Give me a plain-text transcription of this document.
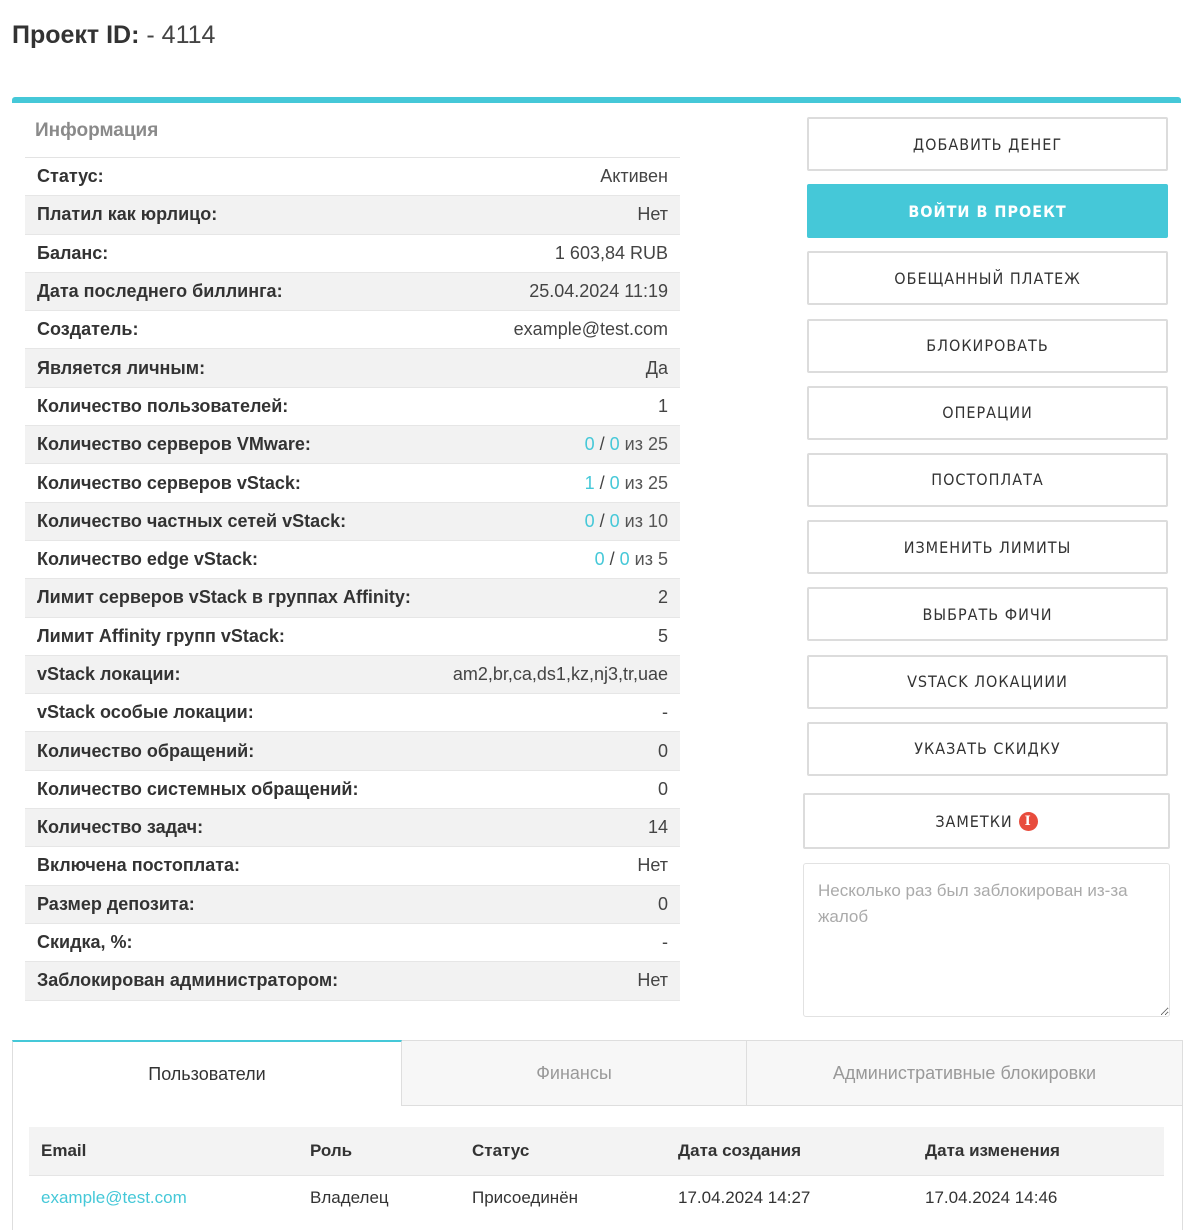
Проект ID: - 4114
Информация
Статус:	Активен
Платил как юрлицо:	Нет
Баланс:	1 603,84 RUB
Дата последнего биллинга:	25.04.2024 11:19
Создатель:	example@test.com
Является личным:	Да
Количество пользователей:	1
Количество серверов VMware:	0 / 0 из 25
Количество серверов vStack:	1 / 0 из 25
Количество частных сетей vStack:	0 / 0 из 10
Количество edge vStack:	0 / 0 из 5
Лимит серверов vStack в группах Affinity:	2
Лимит Affinity групп vStack:	5
vStack локации:	am2,br,ca,ds1,kz,nj3,tr,uae
vStack особые локации:	-
Количество обращений:	0
Количество системных обращений:	0
Количество задач:	14
Включена постоплата:	Нет
Размер депозита:	0
Скидка, %:	-
Заблокирован администратором:	Нет
ДОБАВИТЬ ДЕНЕГ
ВОЙТИ В ПРОЕКТ
ОБЕЩАННЫЙ ПЛАТЕЖ
БЛОКИРОВАТЬ
ОПЕРАЦИИ
ПОСТОПЛАТА
ИЗМЕНИТЬ ЛИМИТЫ
ВЫБРАТЬ ФИЧИ
VSTACK ЛОКАЦИИИ
УКАЗАТЬ СКИДКУ
ЗАМЕТКИ I
Несколько раз был заблокирован из-за жалоб
Пользователи	Финансы	Административные блокировки
Email	Роль	Статус	Дата создания	Дата изменения
example@test.com	Владелец	Присоединён	17.04.2024 14:27	17.04.2024 14:46
